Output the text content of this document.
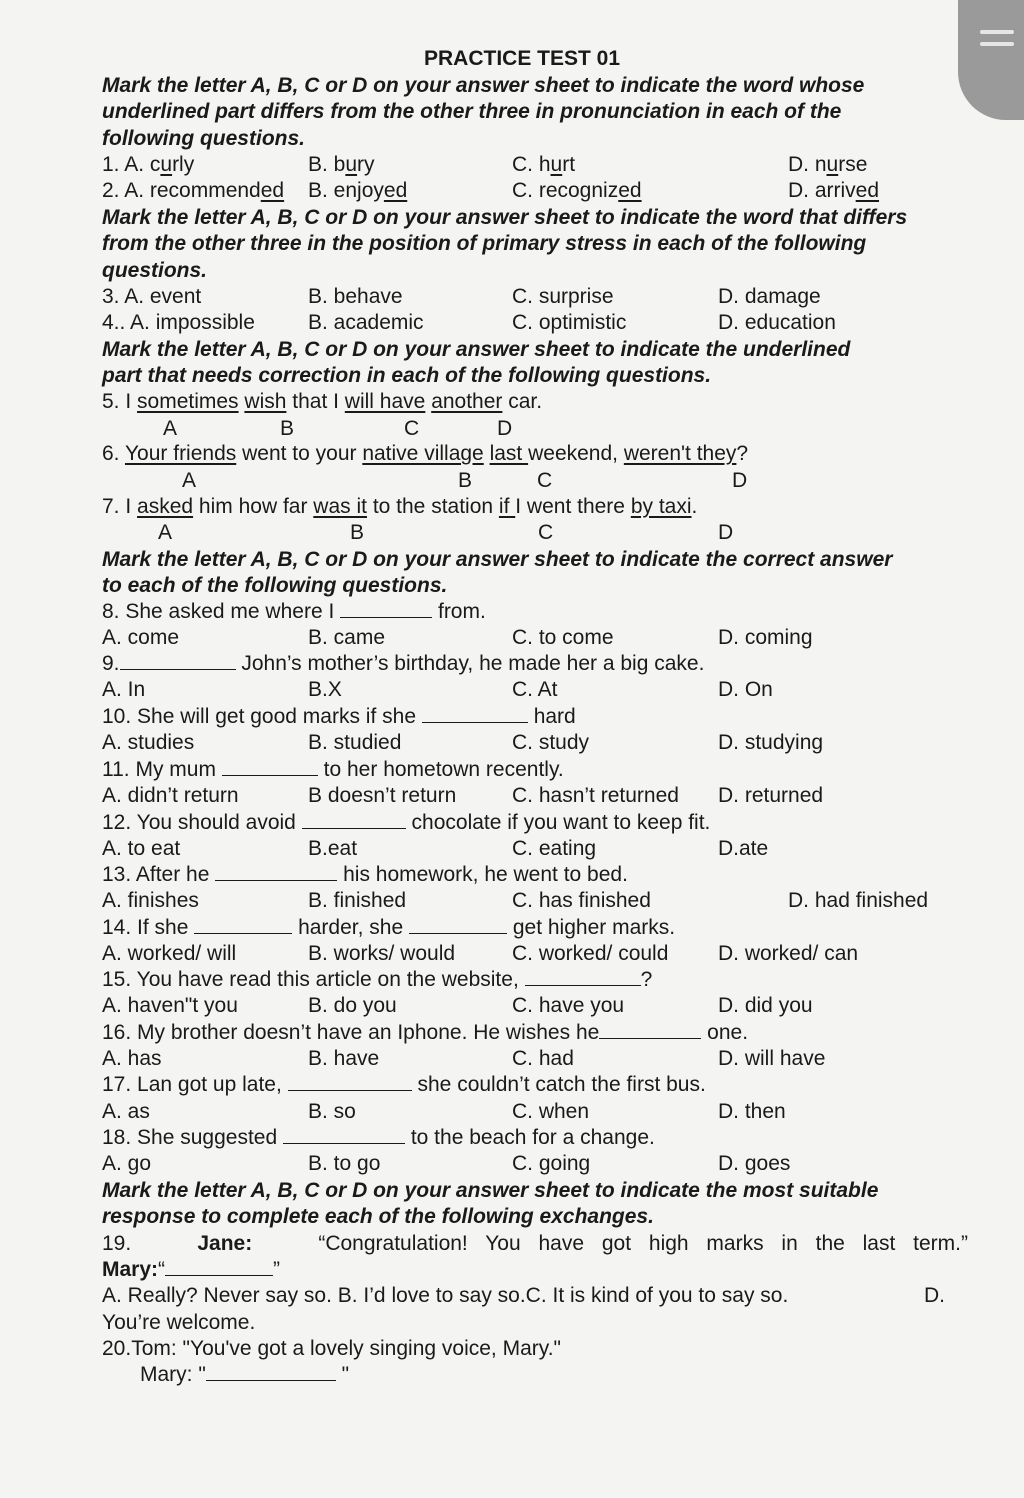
PRACTICE TEST 01
Mark the letter A, B, C or D on your answer sheet to indicate the word whose
underlined part differs from the other three in pronunciation in each of the
following questions.
1. A. curly	B. bury	C. hurt	D. nurse
2. A. recommended B. enjoyed	C. recognized	D. arrived
Mark the letter A, B, C or D on your answer sheet to indicate the word that differs
from the other three in the position of primary stress in each of the following
questions.
3. A. event	B. behave	C. surprise	D. damage
4.. A. impossible	B. academic	C. optimistic	D. education
Mark the letter A, B, C or D on your answer sheet to indicate the underlined
part that needs correction in each of the following questions.
5. I sometimes wish that I will have another car.
A	B	C	D
6. Your friends went to your native village last weekend, weren't they?
A	B	C	D
7. I asked him how far was it to the station if I went there by taxi.
A	B	C	D
Mark the letter A, B, C or D on your answer sheet to indicate the correct answer
to each of the following questions.
8. She asked me where I	from.
A. come	B. came	C. to come	D. coming
9.	John’s mother’s birthday, he made her a big cake.
A. In	B.X	C. At	D. On
10. She will get good marks if she	hard
A. studies	B. studied	C. study	D. studying
11. My mum	to her hometown recently.
A. didn’t return	B doesn’t return	C. hasn’t returned D. returned
12. You should avoid	chocolate if you want to keep fit.
A. to eat	B.eat	C. eating	D.ate
13. After he	his homework, he went to bed.
A. finishes	B. finished	C. has finished	D. had finished
14. If she	harder, she	get higher marks.
A. worked/ will	B. works/ would	C. worked/ could D. worked/ can
15. You have read this article on the website,	?
A. haven"t you	B. do you	C. have you	D. did you
16. My brother doesn’t have an Iphone. He wishes he	one.
A. has	B. have	C. had	D. will have
17. Lan got up late,	she couldn’t catch the first bus.
A. as	B. so	C. when	D. then
18. She suggested	to the beach for a change.
A. go	B. to go	C. going	D. goes
Mark the letter A, B, C or D on your answer sheet to indicate the most suitable
response to complete each of the following exchanges.
19.	Jane:	“Congratulation! You have got high marks in the last term.”
Mary:“	”
A. Really? Never say so. B. I’d love to say so.C. It is kind of you to say so.	D.
You’re welcome.
20.Tom: "You've got a lovely singing voice, Mary."
Mary: "	"
